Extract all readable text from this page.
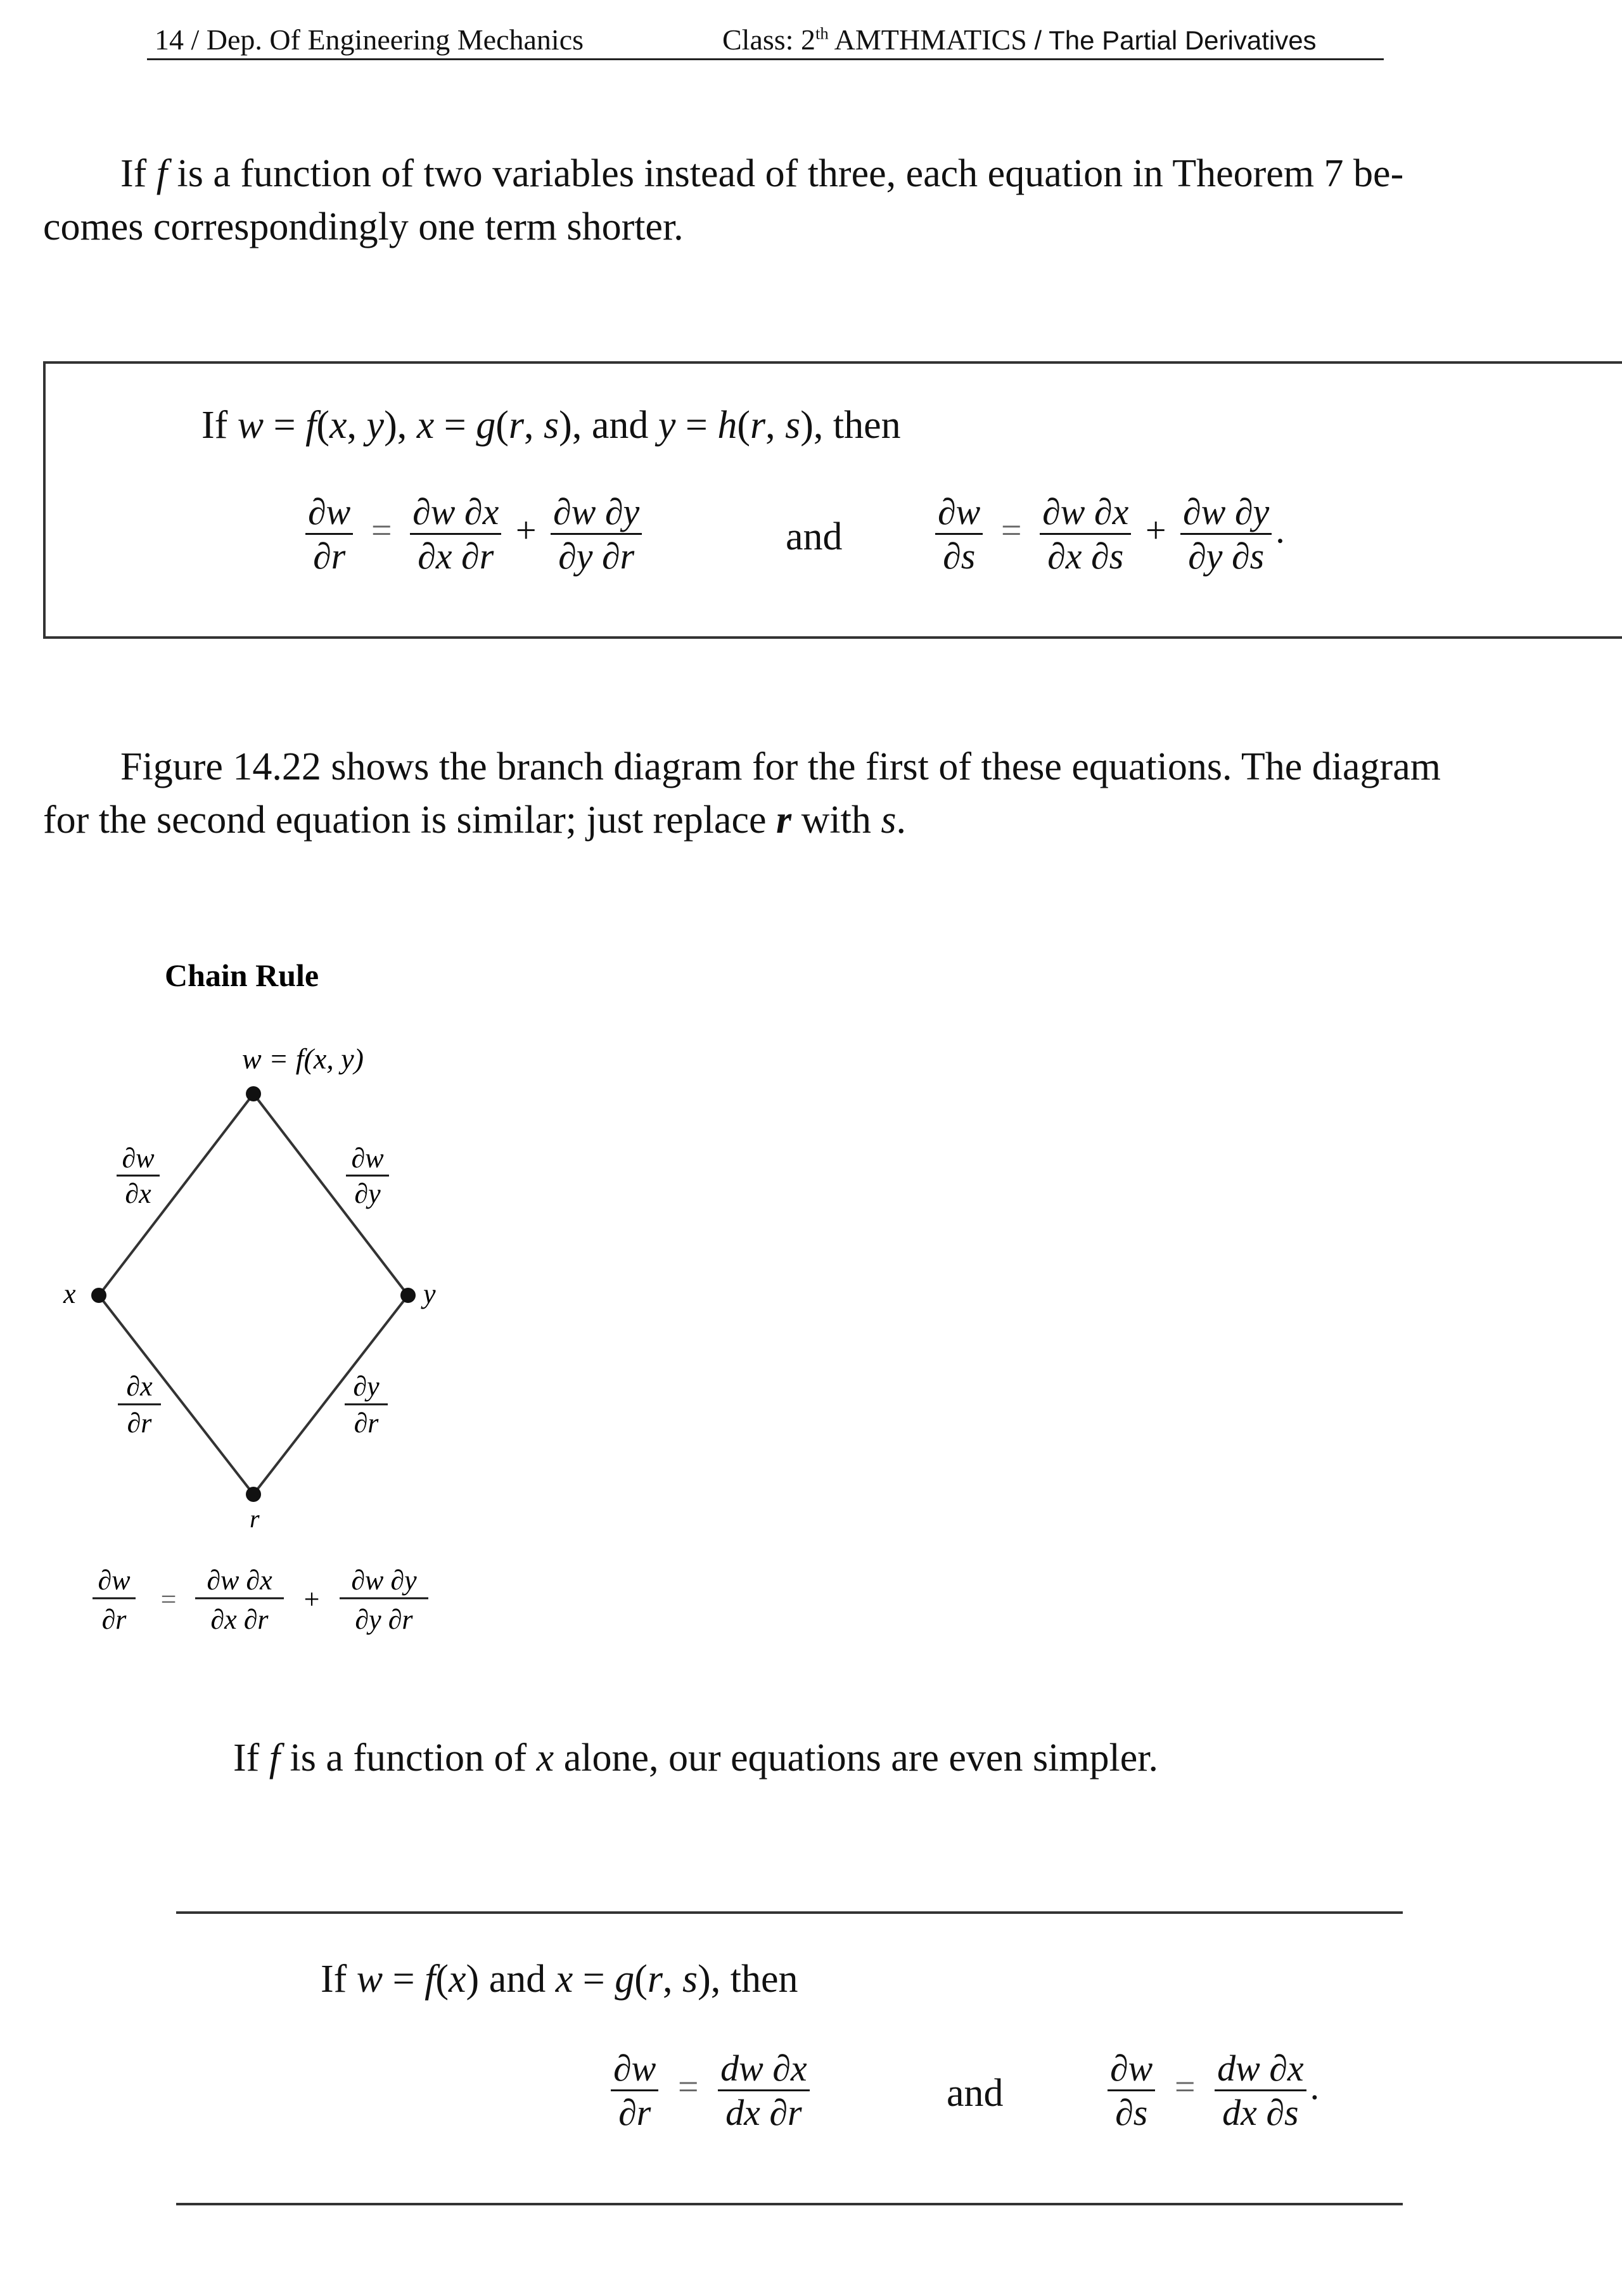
14 / Dep. Of Engineering Mechanics	Class: 2th AMTHMATICS / The Partial Derivatives
If f is a function of two variables instead of three, each equation in Theorem 7 be-
comes correspondingly one term shorter.
If w = f(x, y), x = g(r, s), and y = h(r, s), then
$\frac{\partial w}{\partial r} = \frac{\partial w \partial x}{\partial x \partial r} + \frac{\partial w \partial y}{\partial y \partial r}$	and	$\frac{\partial w}{\partial s} = \frac{\partial w \partial x}{\partial x \partial s} + \frac{\partial w \partial y}{\partial y \partial s}$ .
Figure 14.22 shows the branch diagram for the first of these equations. The diagram
for the second equation is similar; just replace r with s.
Chain Rule
w = f(x, y)
x	y
r
∂w
∂x
∂w
∂y
∂x
∂r
∂y
∂r
∂w
∂r
=
∂w ∂x
∂x ∂r
+
∂w ∂y
∂y ∂r
If f is a function of x alone, our equations are even simpler.
If w = f(x) and x = g(r, s), then
$\frac{\partial w}{\partial r} = \frac{dw \partial x}{dx \partial r}$	and	$\frac{\partial w}{\partial s} = \frac{dw \partial x}{dx \partial s}$ .
